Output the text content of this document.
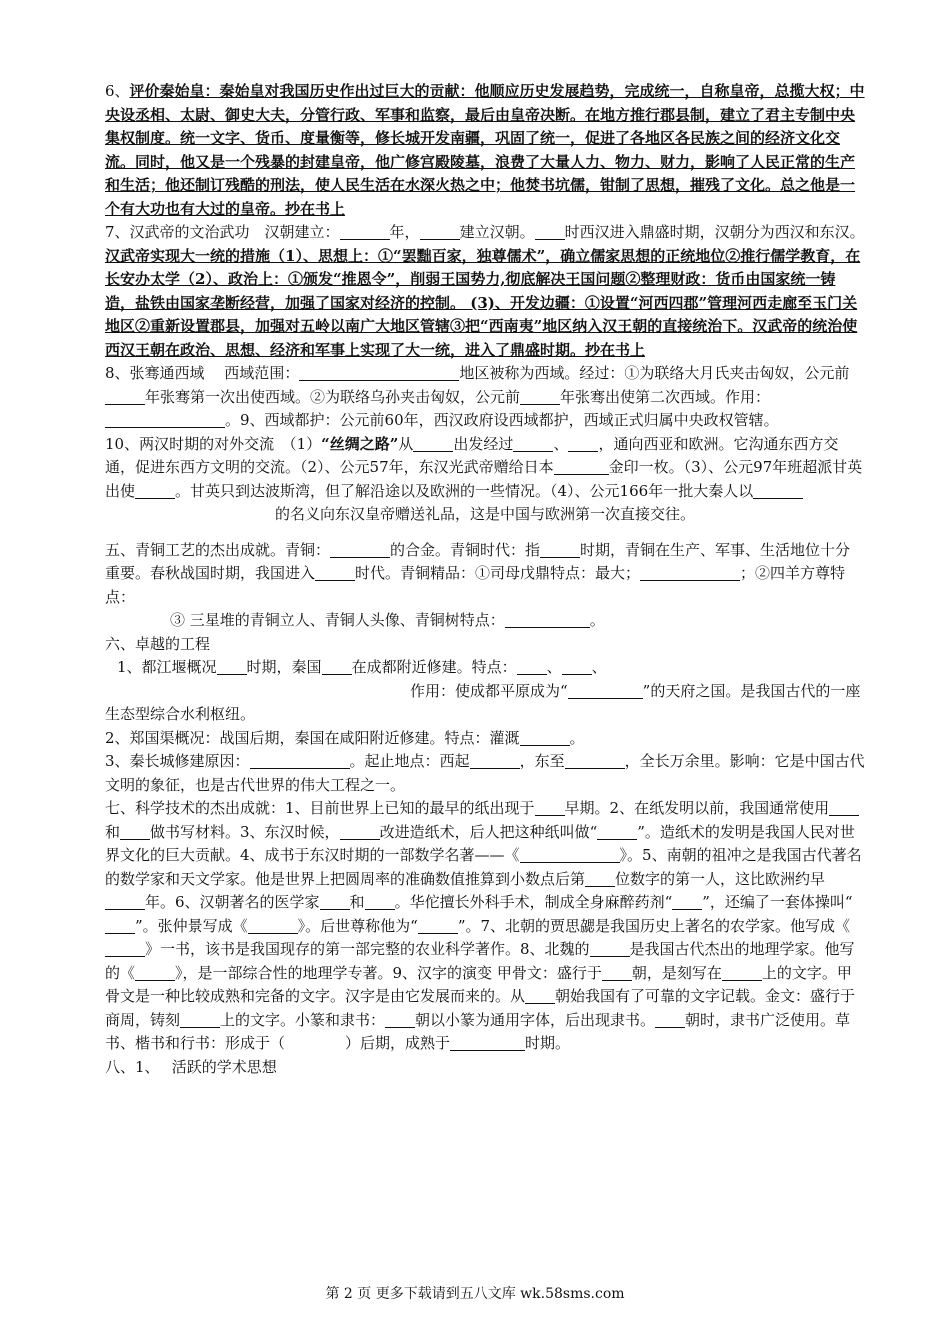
6、评价秦始皇：秦始皇对我国历史作出过巨大的贡献：他顺应历史发展趋势，完成统一，自称皇帝，总揽大权；中央设丞相、太尉、御史大夫，分管行政、军事和监察，最后由皇帝决断。在地方推行郡县制，建立了君主专制中央集权制度。统一文字、货币、度量衡等，修长城开发南疆，巩固了统一，促进了各地区各民族之间的经济文化交流。同时，他又是一个残暴的封建皇帝，他广修宫殿陵墓，浪费了大量人力、物力、财力，影响了人民正常的生产和生活；他还制订残酷的刑法，使人民生活在水深火热之中；他焚书坑儒，钳制了思想，摧残了文化。总之他是一个有大功也有大过的皇帝。抄在书上

7、汉武帝的文治武功　汉朝建立：	年，	建立汉朝。 时西汉进入鼎盛时期，汉朝分为西汉和东汉。汉武帝实现大一统的措施（1）、思想上：①“罢黜百家，独尊儒术”，确立儒家思想的正统地位②推行儒学教育，在长安办太学（2）、政治上：①颁发“推恩令”，削弱王国势力,彻底解决王国问题②整理财政：货币由国家统一铸造，盐铁由国家垄断经营，加强了国家对经济的控制。 (3)、开发边疆：①设置“河西四郡”管理河西走廊至玉门关地区②重新设置郡县，加强对五岭以南广大地区管辖③把“西南夷”地区纳入汉王朝的直接统治下。汉武帝的统治使西汉王朝在政治、思想、经济和军事上实现了大一统，进入了鼎盛时期。抄在书上

8、张骞通西域　 西域范围：	地区被称为西域。经过：①为联络大月氏夹击匈奴，公元前年张骞第一次出使西域。②为联络乌孙夹击匈奴，公元前	年张骞出使第二次西域。作用：。9、西域都护：公元前60年，西汉政府设西域都护，西域正式归属中央政权管辖。

10、两汉时期的对外交流　（1）“丝绸之路”从	出发经过	、 ，通向西亚和欧洲。它沟通东西方交通，促进东西方文明的交流。（2）、公元57年，东汉光武帝赠给日本	金印一枚。（3）、公元97年班超派甘英出使	。甘英只到达波斯湾，但了解沿途以及欧洲的一些情况。（4）、公元166年一批大秦人以

的名义向东汉皇帝赠送礼品，这是中国与欧洲第一次直接交往。

五、青铜工艺的杰出成就。青铜：	的合金。青铜时代：指	时期，青铜在生产、军事、生活地位十分重要。春秋战国时期，我国进入	时代。青铜精品：①司母戊鼎特点：最大；	；②四羊方尊特点：

③ 三星堆的青铜立人、青铜人头像、青铜树特点：	。

六、卓越的工程

1、都江堰概况 时期，秦国 在成都附近修建。特点： 、 、

作用：使成都平原成为“	”的天府之国。是我国古代的一座生态型综合水利枢纽。

2、郑国渠概况：战国后期，秦国在咸阳附近修建。特点：灌溉	。

3、秦长城修建原因：	。起止地点：西起	，东至	，全长万余里。影响：它是中国古代文明的象征，也是古代世界的伟大工程之一。

七、科学技术的杰出成就：1、目前世界上已知的最早的纸出现于 早期。2、在纸发明以前，我国通常使用和 做书写材料。3、东汉时候，	改进造纸术，后人把这种纸叫做“	”。造纸术的发明是我国人民对世界文化的巨大贡献。4、成书于东汉时期的一部数学名著——《	》。5、南朝的祖冲之是我国古代著名的数学家和天文学家。他是世界上把圆周率的准确数值推算到小数点后第 位数字的第一人，这比欧洲约早年。6、汉朝著名的医学家 和 。华佗擅长外科手术，制成全身麻醉药剂“ ”，还编了一套体操叫“”。张仲景写成《	》。后世尊称他为“	”。7、北朝的贾思勰是我国历史上著名的农学家。他写成《》一书，该书是我国现存的第一部完整的农业科学著作。8、北魏的	是我国古代杰出的地理学家。他写的《	》，是一部综合性的地理学专著。9、汉字的演变 甲骨文：盛行于 朝，是刻写在	上的文字。甲骨文是一种比较成熟和完备的文字。汉字是由它发展而来的。从 朝始我国有了可靠的文字记载。金文：盛行于商周，铸刻	上的文字。小篆和隶书： 朝以小篆为通用字体，后出现隶书。 朝时，隶书广泛使用。草书、楷书和行书：形成于（　　　　）后期，成熟于	时期。

八、1、　 活跃的学术思想

第 2 页 更多下载请到五八文库 wk.58sms.com
